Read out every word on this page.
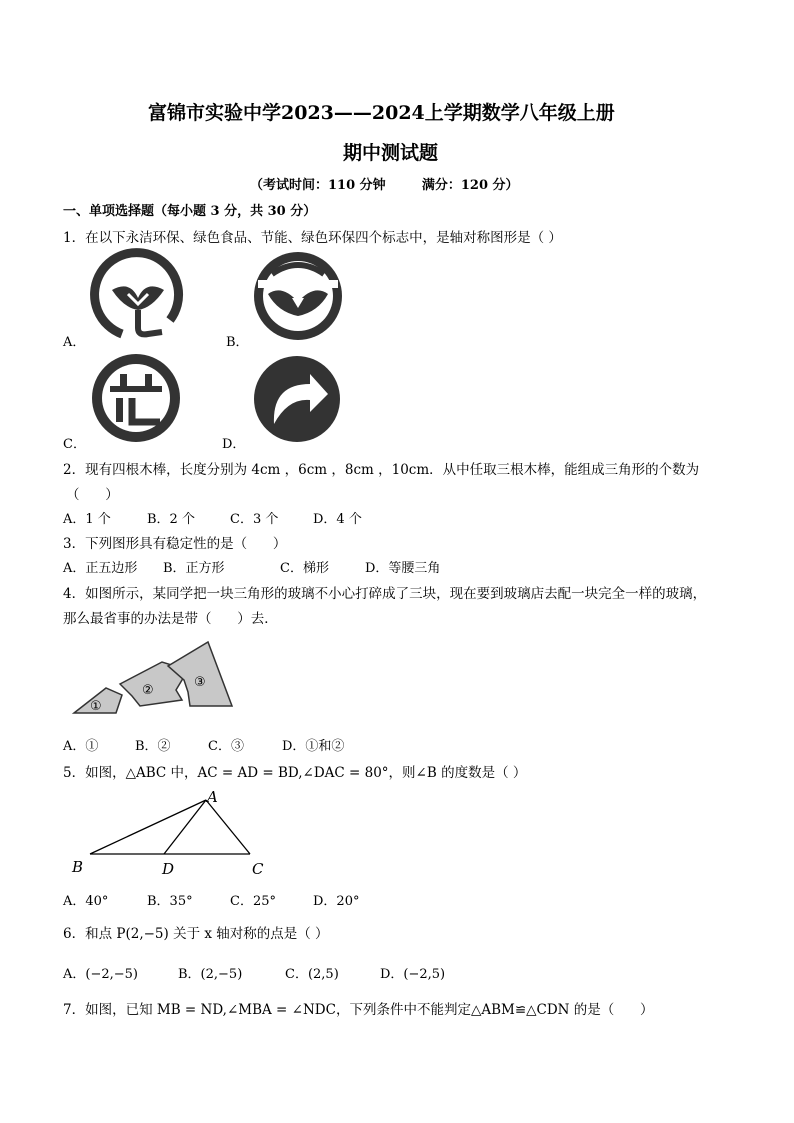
富锦市实验中学2023——2024上学期数学八年级上册
期中测试题
（考试时间：110 分钟        满分：120 分）
一、单项选择题（每小题 3 分，共 30 分）
1．在以下永洁环保、绿色食品、节能、绿色环保四个标志中，是轴对称图形是（ ）
A．	B．
C．	D．
2．现有四根木棒，长度分别为 4cm ，6cm ，8cm ，10cm．从中任取三根木棒，能组成三角形的个数为
（      ）
A．1 个	B．2 个	C．3 个	D．4 个
3．下列图形具有稳定性的是（      ）
A．正五边形 B．正方形	C．梯形	D．等腰三角
4．如图所示，某同学把一块三角形的玻璃不小心打碎成了三块，现在要到玻璃店去配一块完全一样的玻璃，
那么最省事的办法是带（      ）去．
①
②
③
A．①	B．②	C．③	D．①和②
5．如图，△ABC 中，AC = AD = BD,∠DAC = 80°，则∠B 的度数是（ ）
A
B	D	C
A．40°	B．35°	C．25°	D．20°
6．和点 P(2,−5) 关于 x 轴对称的点是（ ）
A．(−2,−5)	B．(2,−5)	C．(2,5)	D．(−2,5)
7．如图，已知 MB = ND,∠MBA = ∠NDC，下列条件中不能判定△ABM≌△CDN 的是（      ）
